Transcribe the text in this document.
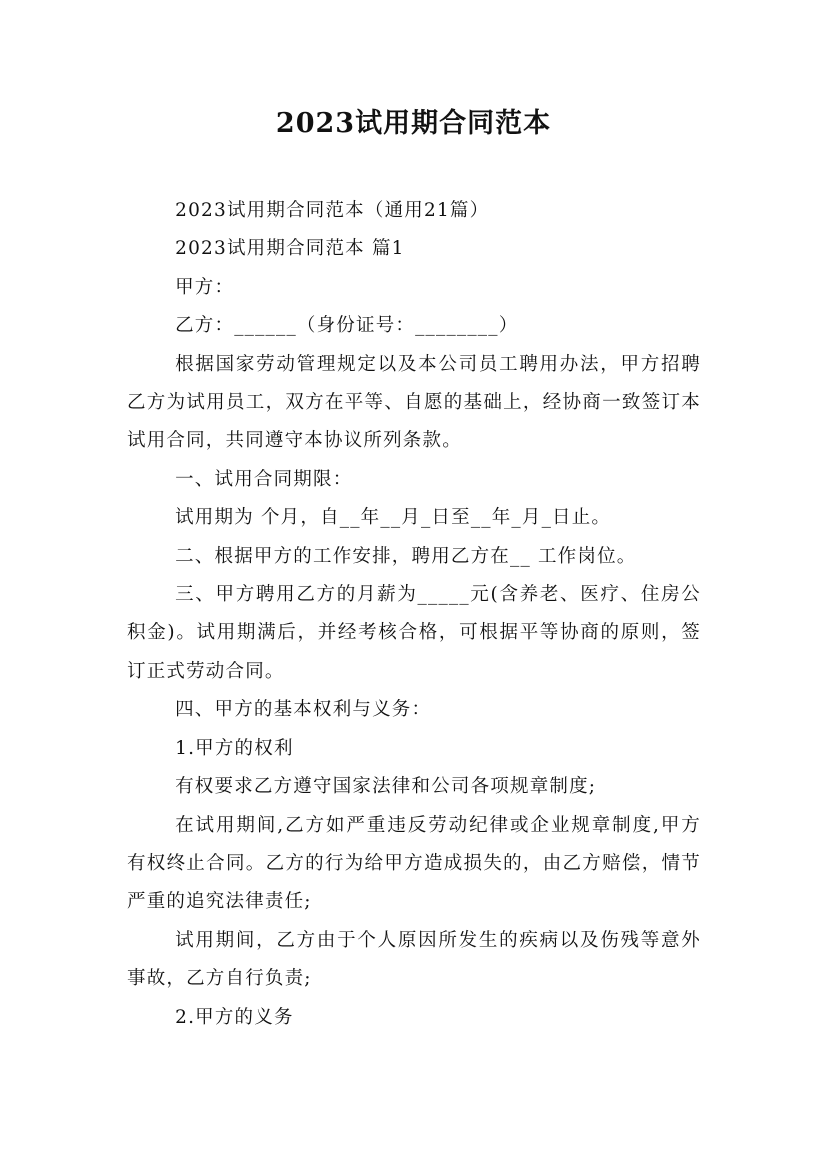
2023试用期合同范本

2023试用期合同范本（通用21篇）

2023试用期合同范本 篇1

甲方：

乙方：______（身份证号：________）

根据国家劳动管理规定以及本公司员工聘用办法，甲方招聘乙方为试用员工，双方在平等、自愿的基础上，经协商一致签订本试用合同，共同遵守本协议所列条款。

一、试用合同期限：

试用期为 个月，自__年__月_日至__年_月_日止。

二、根据甲方的工作安排，聘用乙方在__ 工作岗位。

三、甲方聘用乙方的月薪为_____元(含养老、医疗、住房公积金)。试用期满后，并经考核合格，可根据平等协商的原则，签订正式劳动合同。

四、甲方的基本权利与义务：

1.甲方的权利

有权要求乙方遵守国家法律和公司各项规章制度;

在试用期间,乙方如严重违反劳动纪律或企业规章制度,甲方有权终止合同。乙方的行为给甲方造成损失的，由乙方赔偿，情节严重的追究法律责任;

试用期间，乙方由于个人原因所发生的疾病以及伤残等意外事故，乙方自行负责;

2.甲方的义务
